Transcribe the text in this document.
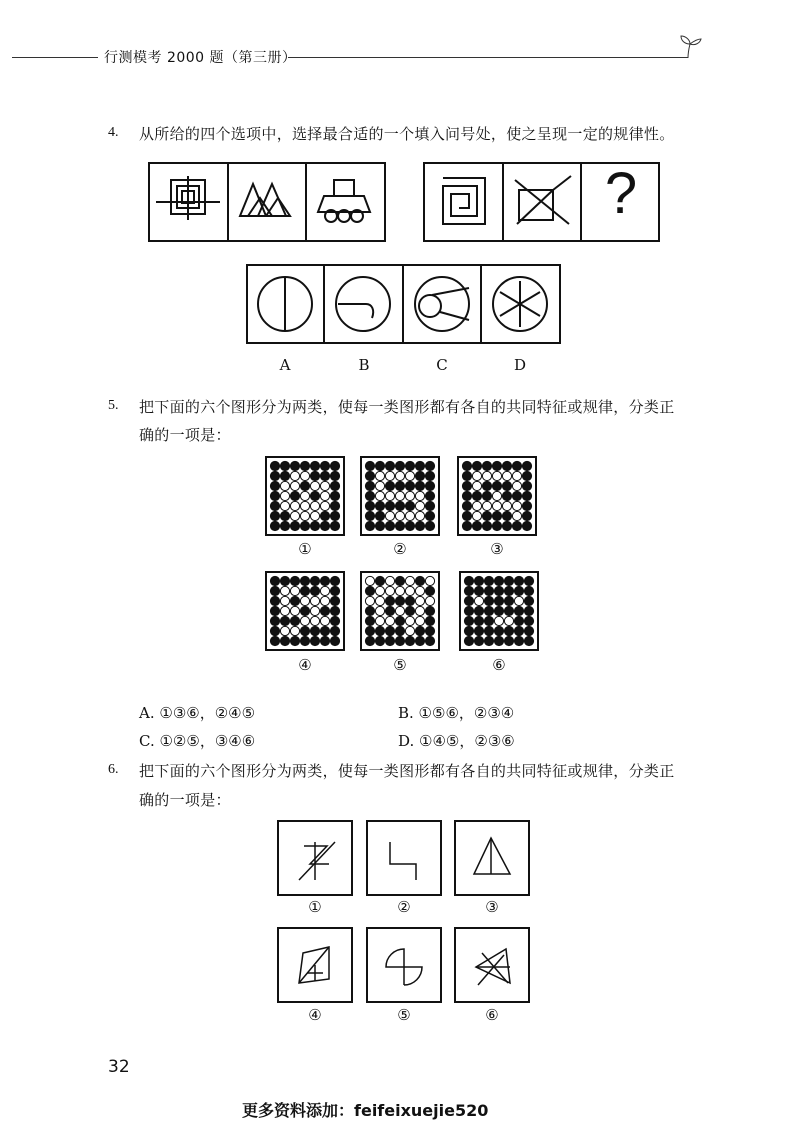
行测模考 2000 题（第三册）
4. 从所给的四个选项中，选择最合适的一个填入问号处，使之呈现一定的规律性。
?
A	B	C	D
5. 把下面的六个图形分为两类，使每一类图形都有各自的共同特征或规律，分类正
确的一项是：
①	②	③
④	⑤	⑥
A. ①③⑥，②④⑤	B. ①⑤⑥，②③④
C. ①②⑤，③④⑥	D. ①④⑤，②③⑥
6. 把下面的六个图形分为两类，使每一类图形都有各自的共同特征或规律，分类正
确的一项是：
①	②	③
④	⑤	⑥
32
更多资料添加：feifeixuejie520
